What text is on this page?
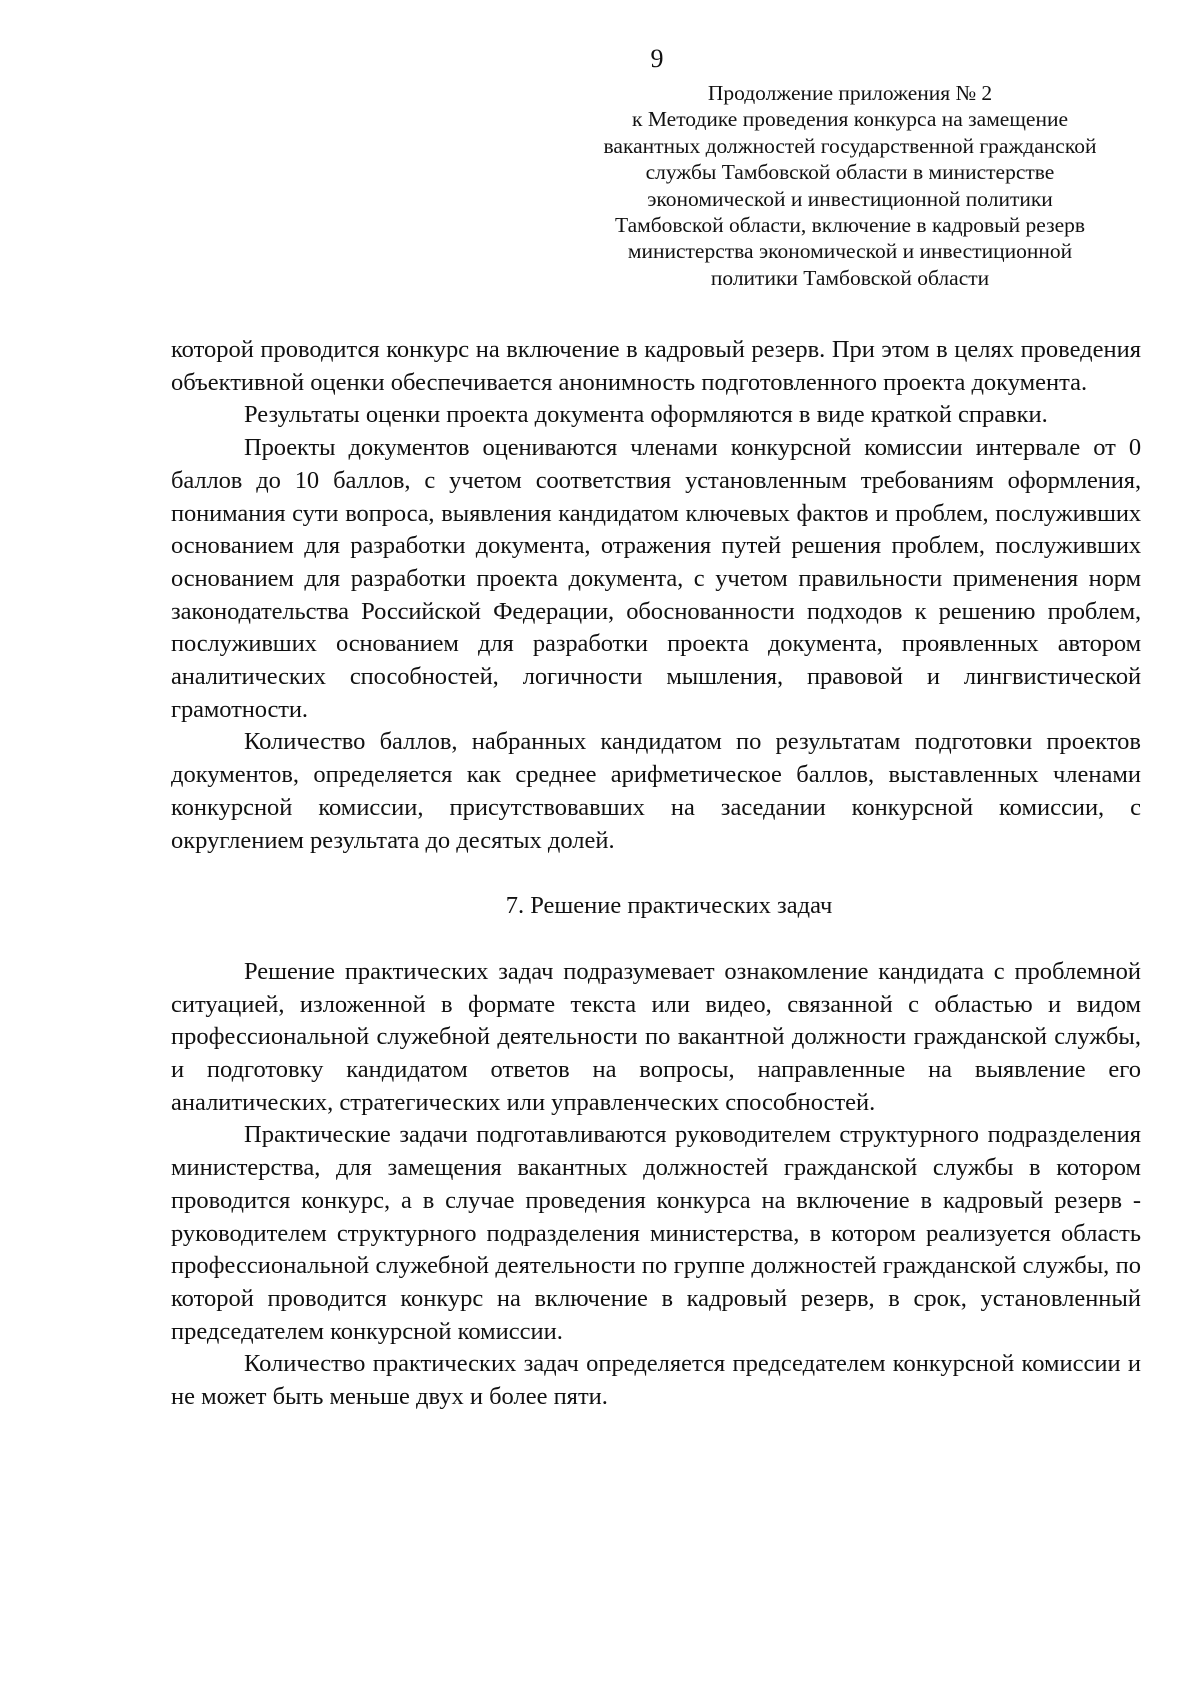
9
Продолжение приложения № 2
к Методике проведения конкурса на замещение
вакантных должностей государственной гражданской
службы Тамбовской области в министерстве
экономической и инвестиционной политики
Тамбовской области, включение в кадровый резерв
министерства экономической и инвестиционной
политики Тамбовской области

которой проводится конкурс на включение в кадровый резерв. При этом в целях проведения объективной оценки обеспечивается анонимность подготовленного проекта документа.

Результаты оценки проекта документа оформляются в виде краткой справки.

Проекты документов оцениваются членами конкурсной комиссии интервале от 0 баллов до 10 баллов, с учетом соответствия установленным требованиям оформления, понимания сути вопроса, выявления кандидатом ключевых фактов и проблем, послуживших основанием для разработки документа, отражения путей решения проблем, послуживших основанием для разработки проекта документа, с учетом правильности применения норм законодательства Российской Федерации, обоснованности подходов к решению проблем, послуживших основанием для разработки проекта документа, проявленных автором аналитических способностей, логичности мышления, правовой и лингвистической грамотности.

Количество баллов, набранных кандидатом по результатам подготовки проектов документов, определяется как среднее арифметическое баллов, выставленных членами конкурсной комиссии, присутствовавших на заседании конкурсной комиссии, с округлением результата до десятых долей.

7. Решение практических задач

Решение практических задач подразумевает ознакомление кандидата с проблемной ситуацией, изложенной в формате текста или видео, связанной с областью и видом профессиональной служебной деятельности по вакантной должности гражданской службы, и подготовку кандидатом ответов на вопросы, направленные на выявление его аналитических, стратегических или управленческих способностей.

Практические задачи подготавливаются руководителем структурного подразделения министерства, для замещения вакантных должностей гражданской службы в котором проводится конкурс, а в случае проведения конкурса на включение в кадровый резерв - руководителем структурного подразделения министерства, в котором реализуется область профессиональной служебной деятельности по группе должностей гражданской службы, по которой проводится конкурс на включение в кадровый резерв, в срок, установленный председателем конкурсной комиссии.

Количество практических задач определяется председателем конкурсной комиссии и не может быть меньше двух и более пяти.
